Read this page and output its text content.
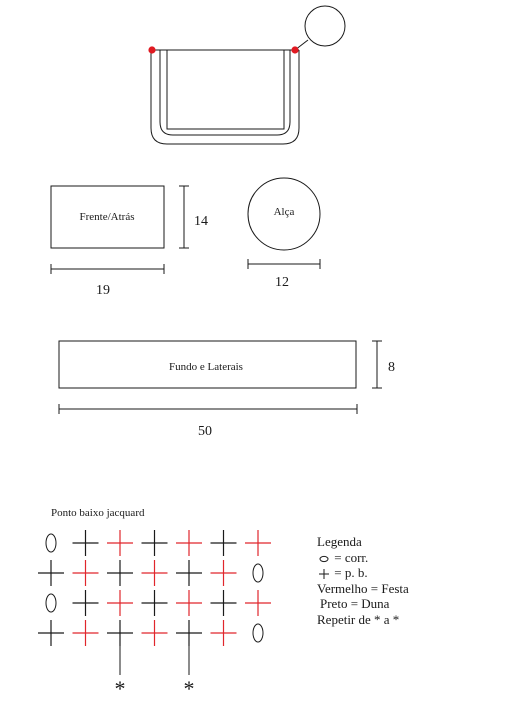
Frente/Atrás	14
19
Alça
12
Fundo e Laterais	8
50
Ponto baixo jacquard
*	*
Legenda
= corr.
= p. b.
Vermelho = Festa
Preto = Duna
Repetir de * a *
